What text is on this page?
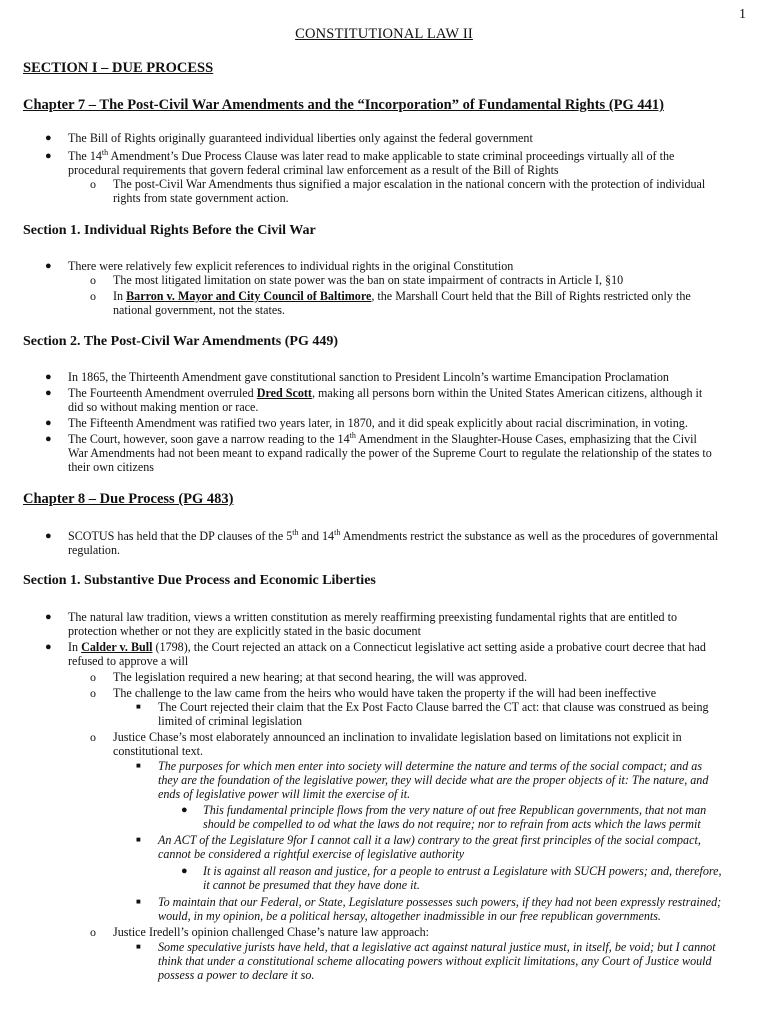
1
CONSTITUTIONAL LAW II
SECTION I – DUE PROCESS
Chapter 7 – The Post-Civil War Amendments and the “Incorporation” of Fundamental Rights (PG 441)
● The Bill of Rights originally guaranteed individual liberties only against the federal government
● The 14th Amendment’s Due Process Clause was later read to make applicable to state criminal proceedings virtually all of the
procedural requirements that govern federal criminal law enforcement as a result of the Bill of Rights
o The post-Civil War Amendments thus signified a major escalation in the national concern with the protection of individual
rights from state government action.
Section 1. Individual Rights Before the Civil War
● There were relatively few explicit references to individual rights in the original Constitution
o The most litigated limitation on state power was the ban on state impairment of contracts in Article I, §10
o In Barron v. Mayor and City Council of Baltimore, the Marshall Court held that the Bill of Rights restricted only the
national government, not the states.
Section 2. The Post-Civil War Amendments (PG 449)
● In 1865, the Thirteenth Amendment gave constitutional sanction to President Lincoln’s wartime Emancipation Proclamation
● The Fourteenth Amendment overruled Dred Scott, making all persons born within the United States American citizens, although it
did so without making mention or race.
● The Fifteenth Amendment was ratified two years later, in 1870, and it did speak explicitly about racial discrimination, in voting.
● The Court, however, soon gave a narrow reading to the 14th Amendment in the Slaughter-House Cases, emphasizing that the Civil
War Amendments had not been meant to expand radically the power of the Supreme Court to regulate the relationship of the states to
their own citizens
Chapter 8 – Due Process (PG 483)
● SCOTUS has held that the DP clauses of the 5th and 14th Amendments restrict the substance as well as the procedures of governmental
regulation.
Section 1. Substantive Due Process and Economic Liberties
● The natural law tradition, views a written constitution as merely reaffirming preexisting fundamental rights that are entitled to
protection whether or not they are explicitly stated in the basic document
● In Calder v. Bull (1798), the Court rejected an attack on a Connecticut legislative act setting aside a probative court decree that had
refused to approve a will
o The legislation required a new hearing; at that second hearing, the will was approved.
o The challenge to the law came from the heirs who would have taken the property if the will had been ineffective
■ The Court rejected their claim that the Ex Post Facto Clause barred the CT act: that clause was construed as being
limited of criminal legislation
o Justice Chase’s most elaborately announced an inclination to invalidate legislation based on limitations not explicit in
constitutional text.
■ The purposes for which men enter into society will determine the nature and terms of the social compact; and as
they are the foundation of the legislative power, they will decide what are the proper objects of it: The nature, and
ends of legislative power will limit the exercise of it.
● This fundamental principle flows from the very nature of out free Republican governments, that not man
should be compelled to od what the laws do not require; nor to refrain from acts which the laws permit
■ An ACT of the Legislature 9for I cannot call it a law) contrary to the great first principles of the social compact,
cannot be considered a rightful exercise of legislative authority
● It is against all reason and justice, for a people to entrust a Legislature with SUCH powers; and, therefore,
it cannot be presumed that they have done it.
■ To maintain that our Federal, or State, Legislature possesses such powers, if they had not been expressly restrained;
would, in my opinion, be a political hersay, altogether inadmissible in our free republican governments.
o Justice Iredell’s opinion challenged Chase’s nature law approach:
■ Some speculative jurists have held, that a legislative act against natural justice must, in itself, be void; but I cannot
think that under a constitutional scheme allocating powers without explicit limitations, any Court of Justice would
possess a power to declare it so.
